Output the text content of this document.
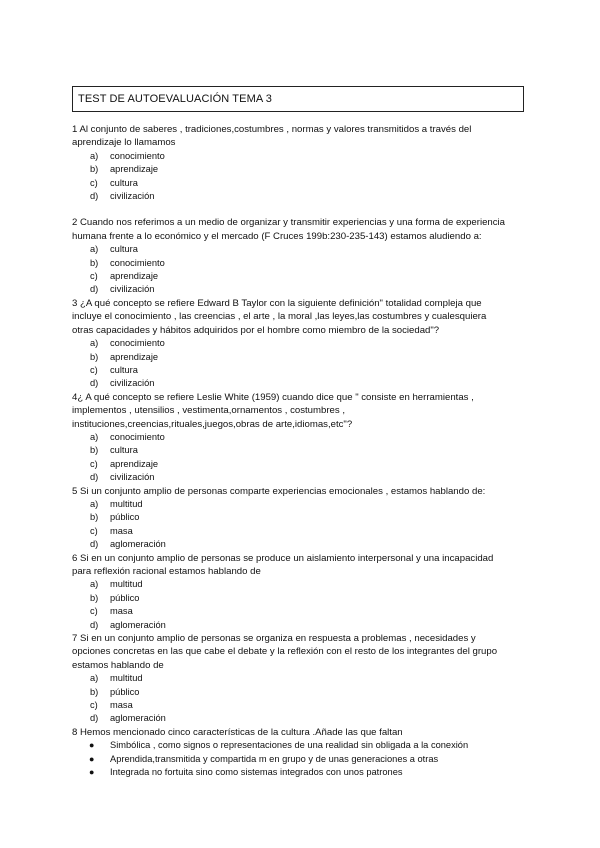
TEST DE AUTOEVALUACIÓN TEMA 3

1 Al conjunto de saberes , tradiciones,costumbres , normas y valores transmitidos a través del

aprendizaje lo llamamos

a) conocimiento
b) aprendizaje
c) cultura
d) civilización

2 Cuando nos referimos a un medio de organizar y transmitir experiencias y una forma de experiencia

humana frente a lo económico y el mercado (F Cruces 199b:230-235-143) estamos aludiendo a:

a) cultura
b) conocimiento
c) aprendizaje
d) civilización

3 ¿A qué concepto se refiere Edward B Taylor con la siguiente definición" totalidad compleja que

incluye el conocimiento , las creencias , el arte , la moral ,las leyes,las costumbres y cualesquiera

otras capacidades y hábitos adquiridos por el hombre como miembro de la sociedad"?

a) conocimiento
b) aprendizaje
c) cultura
d) civilización

4¿ A qué concepto se refiere Leslie White (1959) cuando dice que " consiste en herramientas ,

implementos , utensilios , vestimenta,ornamentos , costumbres ,

instituciones,creencias,rituales,juegos,obras de arte,idiomas,etc"?

a) conocimiento
b) cultura
c) aprendizaje
d) civilización

5 Si un conjunto amplio de personas comparte experiencias emocionales , estamos hablando de:

a) multitud
b) público
c) masa
d) aglomeración

6 Si en un conjunto amplio de personas se produce un aislamiento interpersonal y una incapacidad

para reflexión racional estamos hablando de

a) multitud
b) público
c) masa
d) aglomeración

7 Si en un conjunto amplio de personas se organiza en respuesta a problemas , necesidades y

opciones concretas en las que cabe el debate y la reflexión con el resto de los integrantes del grupo

estamos hablando de

a) multitud
b) público
c) masa
d) aglomeración

8 Hemos mencionado cinco características de la cultura .Añade las que faltan

● Simbólica , como signos o representaciones de una realidad sin obligada a la conexión
● Aprendida,transmitida y compartida m en grupo y de unas generaciones a otras
● Integrada no fortuita sino como sistemas integrados con unos patrones
